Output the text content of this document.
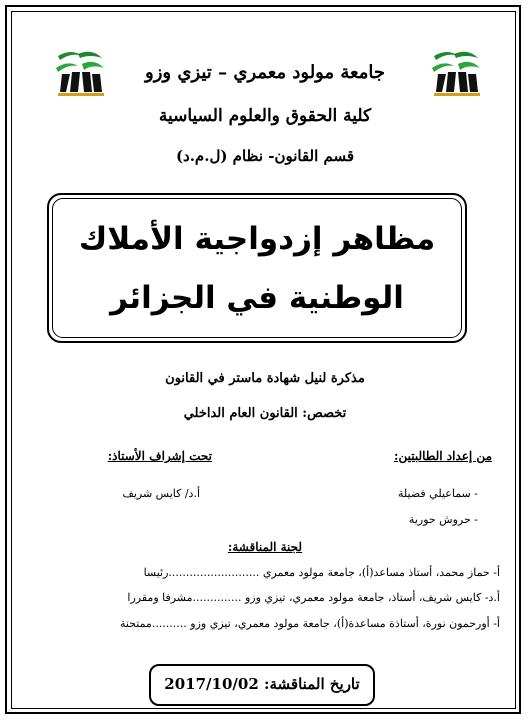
جامعة مولود معمري – تيزي وزو
كلية الحقوق والعلوم السياسية
قسم القانون- نظام (ل.م.د)
مظاهر إزدواجية الأملاك
الوطنية في الجزائر
مذكرة لنيل شهادة ماستر في القانون
تخصص: القانون العام الداخلي
من إعداد الطالبتين:
- سماعيلي فضيلة
- حروش حورية
تحت إشراف الأستاذ:
أ.د/ كايس شريف
لجنة المناقشة:
أ- حماز محمد، أستاذ مساعد(أ)، جامعة مولود معمري ..........................رئيسا
أ.د- كايس شريف، أستاذ، جامعة مولود معمري، تيزي وزو ..............مشرفا ومقررا
أ- أورحمون نورة، أستاذة مساعدة(أ)، جامعة مولود معمري، تيزي وزو ..........ممتحنة
تاريخ المناقشة: 2017/10/02
